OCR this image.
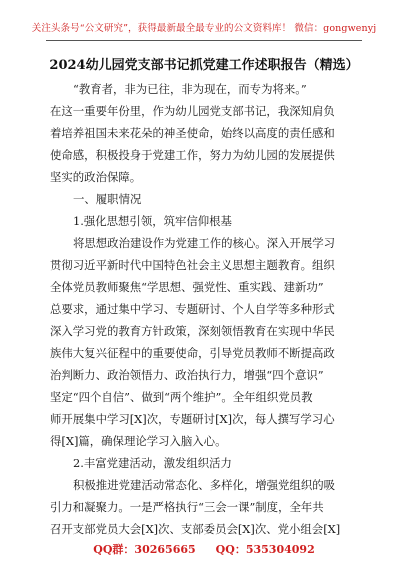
关注头条号“公文研究”，获得最新最全最专业的公文资料库！ 微信：gongwenyj
2024幼儿园党支部书记抓党建工作述职报告（精选）
“教育者，非为已往，非为现在，而专为将来。”
在这一重要年份里，作为幼儿园党支部书记，我深知肩负
着培养祖国未来花朵的神圣使命，始终以高度的责任感和
使命感，积极投身于党建工作，努力为幼儿园的发展提供
坚实的政治保障。
一、履职情况
1.强化思想引领，筑牢信仰根基
将思想政治建设作为党建工作的核心。深入开展学习
贯彻习近平新时代中国特色社会主义思想主题教育。组织
全体党员教师聚焦“学思想、强党性、重实践、建新功”
总要求，通过集中学习、专题研讨、个人自学等多种形式
深入学习党的教育方针政策，深刻领悟教育在实现中华民
族伟大复兴征程中的重要使命，引导党员教师不断提高政
治判断力、政治领悟力、政治执行力，增强“四个意识”
坚定“四个自信”、做到“两个维护”。全年组织党员教
师开展集中学习[X]次，专题研讨[X]次，每人撰写学习心
得[X]篇，确保理论学习入脑入心。
2.丰富党建活动，激发组织活力
积极推进党建活动常态化、多样化，增强党组织的吸
引力和凝聚力。一是严格执行“三会一课”制度，全年共
召开支部党员大会[X]次、支部委员会[X]次、党小组会[X]
QQ群：30265665 QQ：535304092
